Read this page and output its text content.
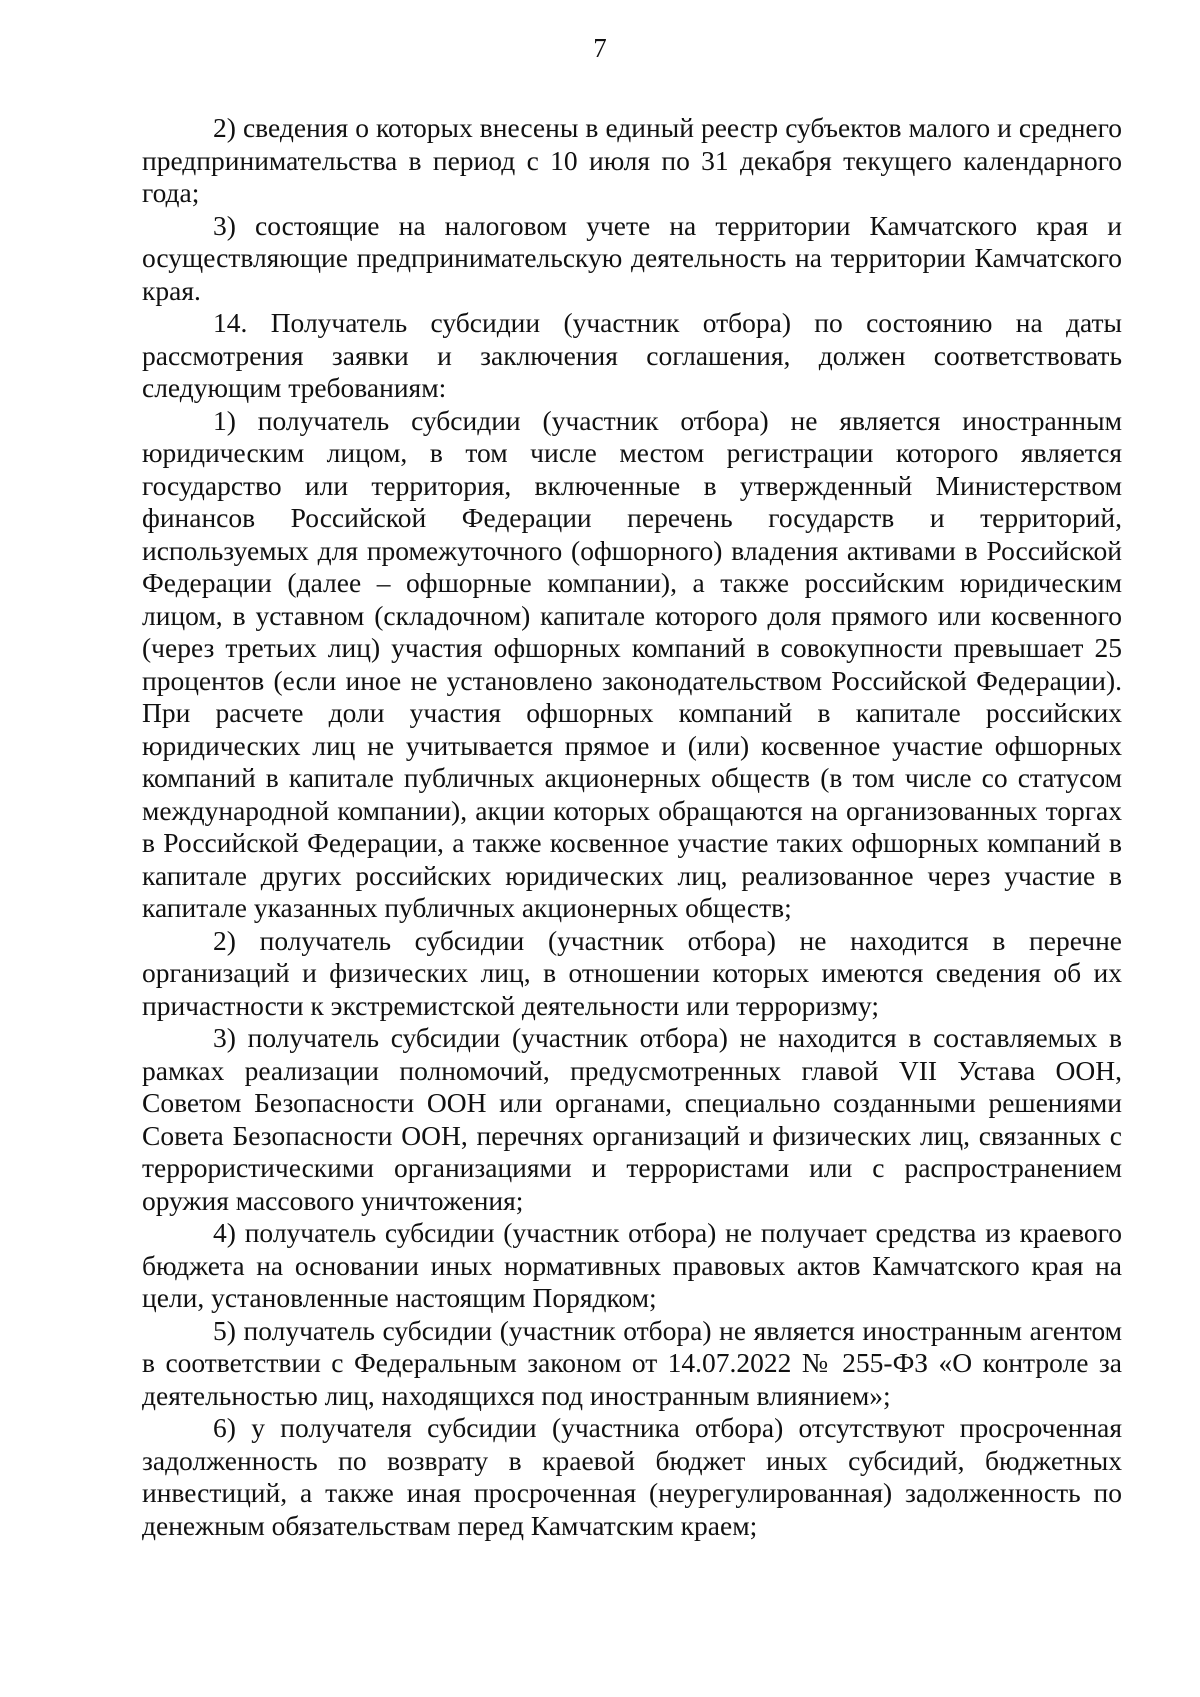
7

2) сведения о которых внесены в единый реестр субъектов малого и среднего предпринимательства в период с 10 июля по 31 декабря текущего календарного года;

3) состоящие на налоговом учете на территории Камчатского края и осуществляющие предпринимательскую деятельность на территории Камчатского края.

14. Получатель субсидии (участник отбора) по состоянию на даты рассмотрения заявки и заключения соглашения, должен соответствовать следующим требованиям:

1) получатель субсидии (участник отбора) не является иностранным юридическим лицом, в том числе местом регистрации которого является государство или территория, включенные в утвержденный Министерством финансов Российской Федерации перечень государств и территорий, используемых для промежуточного (офшорного) владения активами в Российской Федерации (далее – офшорные компании), а также российским юридическим лицом, в уставном (складочном) капитале которого доля прямого или косвенного (через третьих лиц) участия офшорных компаний в совокупности превышает 25 процентов (если иное не установлено законодательством Российской Федерации). При расчете доли участия офшорных компаний в капитале российских юридических лиц не учитывается прямое и (или) косвенное участие офшорных компаний в капитале публичных акционерных обществ (в том числе со статусом международной компании), акции которых обращаются на организованных торгах в Российской Федерации, а также косвенное участие таких офшорных компаний в капитале других российских юридических лиц, реализованное через участие в капитале указанных публичных акционерных обществ;

2) получатель субсидии (участник отбора) не находится в перечне организаций и физических лиц, в отношении которых имеются сведения об их причастности к экстремистской деятельности или терроризму;

3) получатель субсидии (участник отбора) не находится в составляемых в рамках реализации полномочий, предусмотренных главой VII Устава ООН, Советом Безопасности ООН или органами, специально созданными решениями Совета Безопасности ООН, перечнях организаций и физических лиц, связанных с террористическими организациями и террористами или с распространением оружия массового уничтожения;

4) получатель субсидии (участник отбора) не получает средства из краевого бюджета на основании иных нормативных правовых актов Камчатского края на цели, установленные настоящим Порядком;

5) получатель субсидии (участник отбора) не является иностранным агентом в соответствии с Федеральным законом от 14.07.2022 № 255-ФЗ «О контроле за деятельностью лиц, находящихся под иностранным влиянием»;

6) у получателя субсидии (участника отбора) отсутствуют просроченная задолженность по возврату в краевой бюджет иных субсидий, бюджетных инвестиций, а также иная просроченная (неурегулированная) задолженность по денежным обязательствам перед Камчатским краем;
